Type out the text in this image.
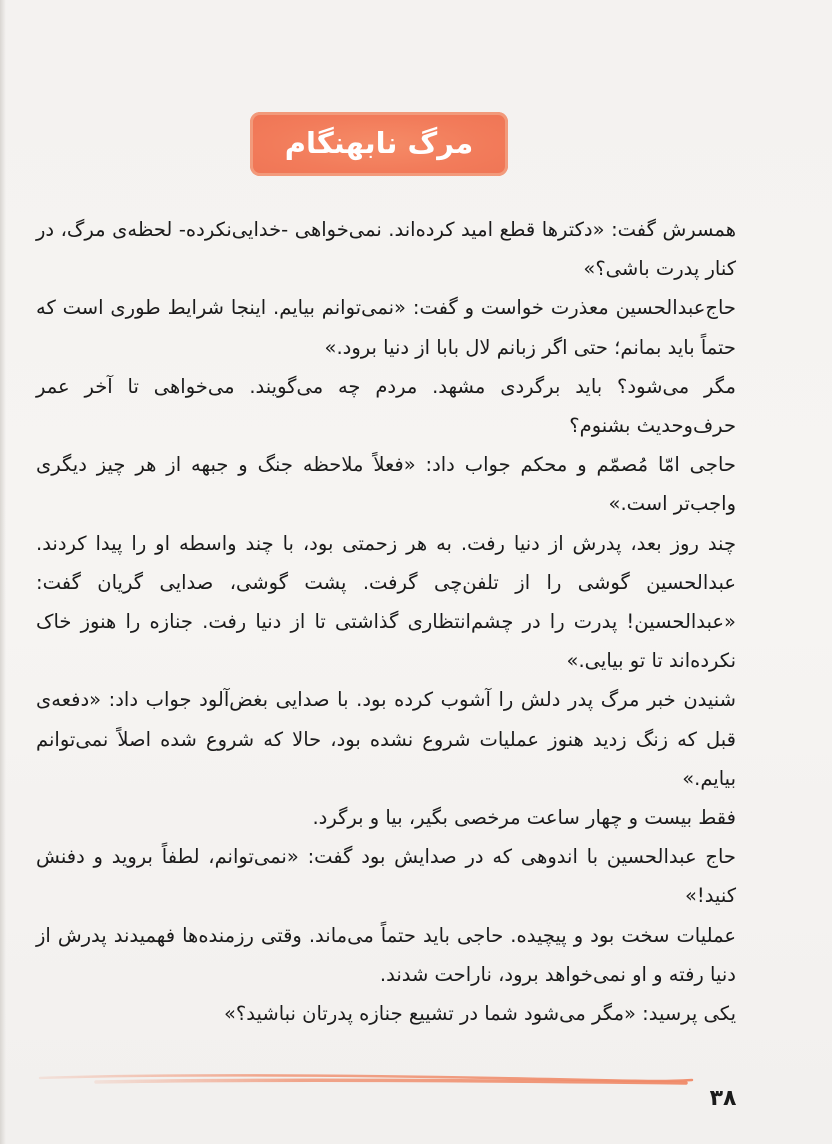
مرگ نابهنگام

همسرش گفت: «دکترها قطع امید کرده‌اند. نمی‌خواهی -خدایی‌نکرده- لحظه‌ی مرگ، در کنار پدرت باشی؟»

حاج‌عبدالحسین معذرت خواست و گفت: «نمی‌توانم بیایم. اینجا شرایط طوری است که حتماً باید بمانم؛ حتی اگر زبانم لال بابا از دنیا برود.»

مگر می‌شود؟ باید برگردی مشهد. مردم چه می‌گویند. می‌خواهی تا آخر عمر حرف‌وحدیث بشنوم؟

حاجی امّا مُصمّم و محکم جواب داد: «فعلاً ملاحظه جنگ و جبهه از هر چیز دیگری واجب‌تر است.»

چند روز بعد، پدرش از دنیا رفت. به هر زحمتی بود، با چند واسطه او را پیدا کردند. عبدالحسین گوشی را از تلفن‌چی گرفت. پشت گوشی، صدایی گریان گفت: «عبدالحسین! پدرت را در چشم‌انتظاری گذاشتی تا از دنیا رفت. جنازه را هنوز خاک نکرده‌اند تا تو بیایی.»

شنیدن خبر مرگ پدر دلش را آشوب کرده بود. با صدایی بغض‌آلود جواب داد: «دفعه‌ی قبل که زنگ زدید هنوز عملیات شروع نشده بود، حالا که شروع شده اصلاً نمی‌توانم بیایم.»

فقط بیست و چهار ساعت مرخصی بگیر، بیا و برگرد.

حاج عبدالحسین با اندوهی که در صدایش بود گفت: «نمی‌توانم، لطفاً بروید و دفنش کنید!»

عملیات سخت بود و پیچیده. حاجی باید حتماً می‌ماند. وقتی رزمنده‌ها فهمیدند پدرش از دنیا رفته و او نمی‌خواهد برود، ناراحت شدند.

یکی پرسید: «مگر می‌شود شما در تشییع جنازه پدرتان نباشید؟»

۳۸
